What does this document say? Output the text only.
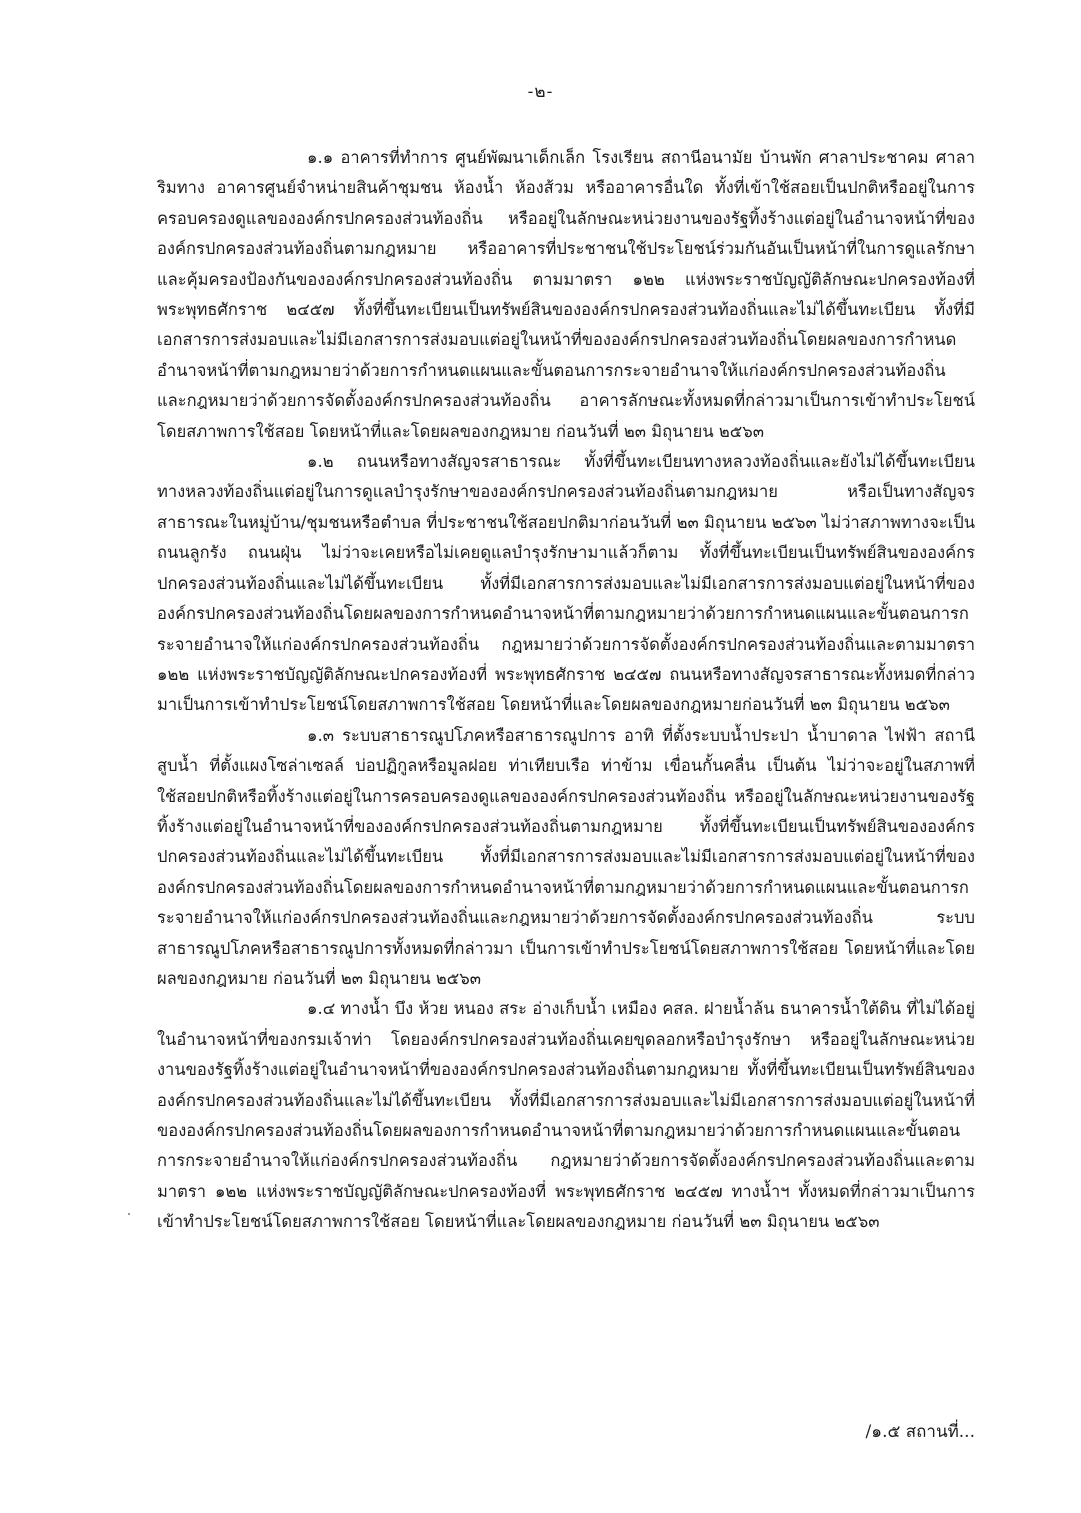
-๒-

๑.๑ อาคารที่ทำการ ศูนย์พัฒนาเด็กเล็ก โรงเรียน สถานีอนามัย บ้านพัก ศาลาประชาคม ศาลาริมทาง อาคารศูนย์จำหน่ายสินค้าชุมชน ห้องน้ำ ห้องส้วม หรืออาคารอื่นใด ทั้งที่เข้าใช้สอยเป็นปกติหรืออยู่ในการครอบครองดูแลขององค์กรปกครองส่วนท้องถิ่น หรืออยู่ในลักษณะหน่วยงานของรัฐทิ้งร้างแต่อยู่ในอำนาจหน้าที่ขององค์กรปกครองส่วนท้องถิ่นตามกฎหมาย หรืออาคารที่ประชาชนใช้ประโยชน์ร่วมกันอันเป็นหน้าที่ในการดูแลรักษาและคุ้มครองป้องกันขององค์กรปกครองส่วนท้องถิ่น ตามมาตรา ๑๒๒ แห่งพระราชบัญญัติลักษณะปกครองท้องที่ พระพุทธศักราช ๒๔๕๗ ทั้งที่ขึ้นทะเบียนเป็นทรัพย์สินขององค์กรปกครองส่วนท้องถิ่นและไม่ได้ขึ้นทะเบียน ทั้งที่มีเอกสารการส่งมอบและไม่มีเอกสารการส่งมอบแต่อยู่ในหน้าที่ขององค์กรปกครองส่วนท้องถิ่นโดยผลของการกำหนดอำนาจหน้าที่ตามกฎหมายว่าด้วยการกำหนดแผนและขั้นตอนการกระจายอำนาจให้แก่องค์กรปกครองส่วนท้องถิ่นและกฎหมายว่าด้วยการจัดตั้งองค์กรปกครองส่วนท้องถิ่น อาคารลักษณะทั้งหมดที่กล่าวมาเป็นการเข้าทำประโยชน์โดยสภาพการใช้สอย โดยหน้าที่และโดยผลของกฎหมาย ก่อนวันที่ ๒๓ มิถุนายน ๒๕๖๓

๑.๒ ถนนหรือทางสัญจรสาธารณะ ทั้งที่ขึ้นทะเบียนทางหลวงท้องถิ่นและยังไม่ได้ขึ้นทะเบียนทางหลวงท้องถิ่นแต่อยู่ในการดูแลบำรุงรักษาขององค์กรปกครองส่วนท้องถิ่นตามกฎหมาย หรือเป็นทางสัญจรสาธารณะในหมู่บ้าน/ชุมชนหรือตำบล ที่ประชาชนใช้สอยปกติมาก่อนวันที่ ๒๓ มิถุนายน ๒๕๖๓ ไม่ว่าสภาพทางจะเป็นถนนลูกรัง ถนนฝุ่น ไม่ว่าจะเคยหรือไม่เคยดูแลบำรุงรักษามาแล้วก็ตาม ทั้งที่ขึ้นทะเบียนเป็นทรัพย์สินขององค์กรปกครองส่วนท้องถิ่นและไม่ได้ขึ้นทะเบียน ทั้งที่มีเอกสารการส่งมอบและไม่มีเอกสารการส่งมอบแต่อยู่ในหน้าที่ขององค์กรปกครองส่วนท้องถิ่นโดยผลของการกำหนดอำนาจหน้าที่ตามกฎหมายว่าด้วยการกำหนดแผนและขั้นตอนการกระจายอำนาจให้แก่องค์กรปกครองส่วนท้องถิ่น กฎหมายว่าด้วยการจัดตั้งองค์กรปกครองส่วนท้องถิ่นและตามมาตรา ๑๒๒ แห่งพระราชบัญญัติลักษณะปกครองท้องที่ พระพุทธศักราช ๒๔๕๗ ถนนหรือทางสัญจรสาธารณะทั้งหมดที่กล่าวมาเป็นการเข้าทำประโยชน์โดยสภาพการใช้สอย โดยหน้าที่และโดยผลของกฎหมายก่อนวันที่ ๒๓ มิถุนายน ๒๕๖๓

๑.๓ ระบบสาธารณูปโภคหรือสาธารณูปการ อาทิ ที่ตั้งระบบน้ำประปา น้ำบาดาล ไฟฟ้า สถานีสูบน้ำ ที่ตั้งแผงโซล่าเซลล์ บ่อปฏิกูลหรือมูลฝอย ท่าเทียบเรือ ท่าข้าม เขื่อนกั้นคลื่น เป็นต้น ไม่ว่าจะอยู่ในสภาพที่ใช้สอยปกติหรือทิ้งร้างแต่อยู่ในการครอบครองดูแลขององค์กรปกครองส่วนท้องถิ่น หรืออยู่ในลักษณะหน่วยงานของรัฐทิ้งร้างแต่อยู่ในอำนาจหน้าที่ขององค์กรปกครองส่วนท้องถิ่นตามกฎหมาย ทั้งที่ขึ้นทะเบียนเป็นทรัพย์สินขององค์กรปกครองส่วนท้องถิ่นและไม่ได้ขึ้นทะเบียน ทั้งที่มีเอกสารการส่งมอบและไม่มีเอกสารการส่งมอบแต่อยู่ในหน้าที่ขององค์กรปกครองส่วนท้องถิ่นโดยผลของการกำหนดอำนาจหน้าที่ตามกฎหมายว่าด้วยการกำหนดแผนและขั้นตอนการกระจายอำนาจให้แก่องค์กรปกครองส่วนท้องถิ่นและกฎหมายว่าด้วยการจัดตั้งองค์กรปกครองส่วนท้องถิ่น ระบบสาธารณูปโภคหรือสาธารณูปการทั้งหมดที่กล่าวมา เป็นการเข้าทำประโยชน์โดยสภาพการใช้สอย โดยหน้าที่และโดยผลของกฎหมาย ก่อนวันที่ ๒๓ มิถุนายน ๒๕๖๓

๑.๔ ทางน้ำ บึง ห้วย หนอง สระ อ่างเก็บน้ำ เหมือง คสล. ฝายน้ำล้น ธนาคารน้ำใต้ดิน ที่ไม่ได้อยู่ในอำนาจหน้าที่ของกรมเจ้าท่า โดยองค์กรปกครองส่วนท้องถิ่นเคยขุดลอกหรือบำรุงรักษา หรืออยู่ในลักษณะหน่วยงานของรัฐทิ้งร้างแต่อยู่ในอำนาจหน้าที่ขององค์กรปกครองส่วนท้องถิ่นตามกฎหมาย ทั้งที่ขึ้นทะเบียนเป็นทรัพย์สินขององค์กรปกครองส่วนท้องถิ่นและไม่ได้ขึ้นทะเบียน ทั้งที่มีเอกสารการส่งมอบและไม่มีเอกสารการส่งมอบแต่อยู่ในหน้าที่ขององค์กรปกครองส่วนท้องถิ่นโดยผลของการกำหนดอำนาจหน้าที่ตามกฎหมายว่าด้วยการกำหนดแผนและขั้นตอนการกระจายอำนาจให้แก่องค์กรปกครองส่วนท้องถิ่น กฎหมายว่าด้วยการจัดตั้งองค์กรปกครองส่วนท้องถิ่นและตามมาตรา ๑๒๒ แห่งพระราชบัญญัติลักษณะปกครองท้องที่ พระพุทธศักราช ๒๔๕๗ ทางน้ำฯ ทั้งหมดที่กล่าวมาเป็นการเข้าทำประโยชน์โดยสภาพการใช้สอย โดยหน้าที่และโดยผลของกฎหมาย ก่อนวันที่ ๒๓ มิถุนายน ๒๕๖๓

/๑.๕ สถานที่...
